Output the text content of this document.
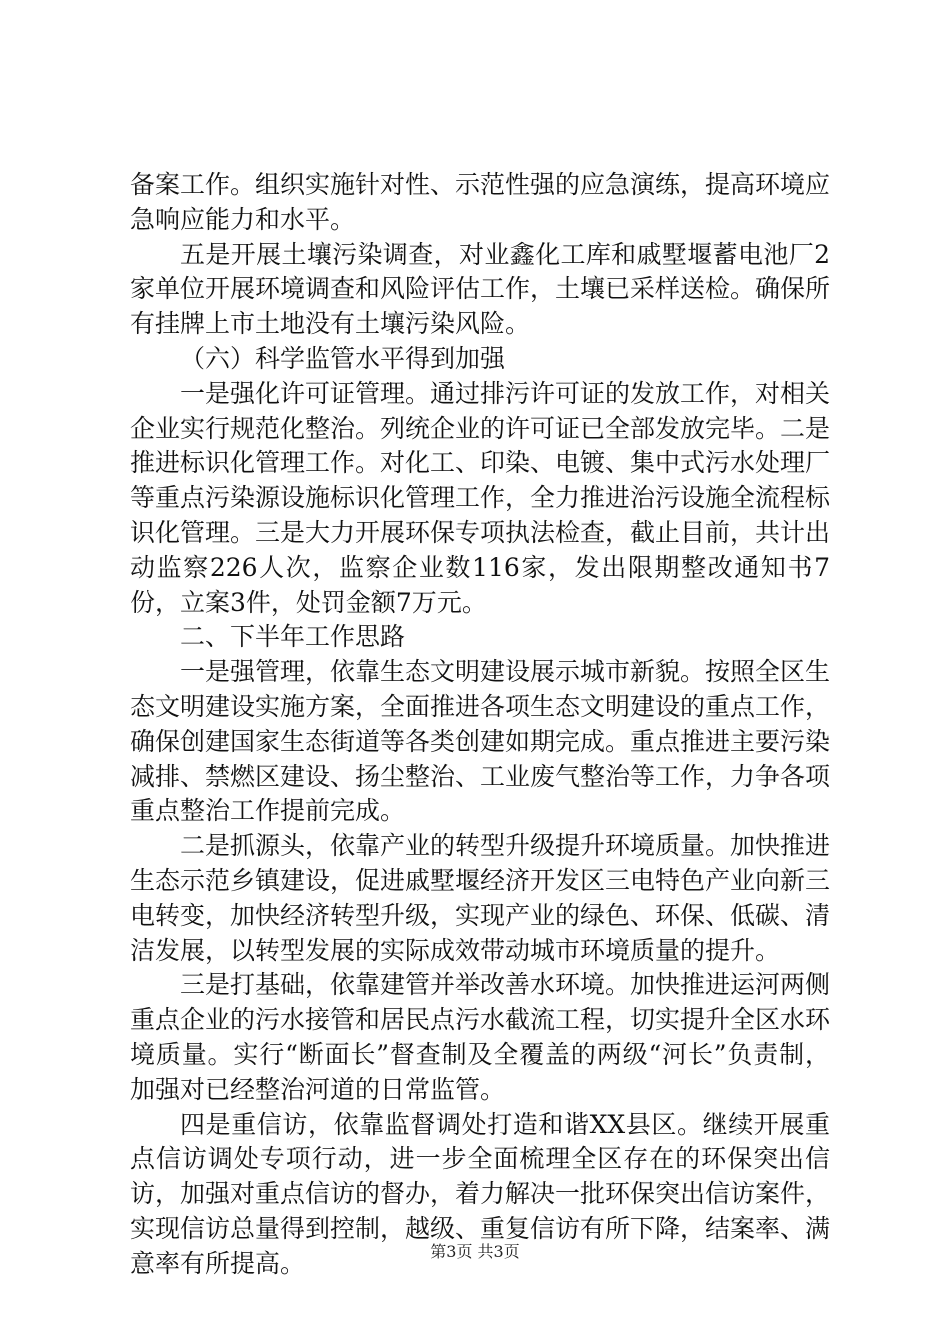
备案工作。组织实施针对性、示范性强的应急演练，提高环境应急响应能力和水平。

五是开展土壤污染调查，对业鑫化工库和戚墅堰蓄电池厂2家单位开展环境调查和风险评估工作，土壤已采样送检。确保所有挂牌上市土地没有土壤污染风险。

（六）科学监管水平得到加强

一是强化许可证管理。通过排污许可证的发放工作，对相关企业实行规范化整治。列统企业的许可证已全部发放完毕。二是推进标识化管理工作。对化工、印染、电镀、集中式污水处理厂等重点污染源设施标识化管理工作，全力推进治污设施全流程标识化管理。三是大力开展环保专项执法检查，截止目前，共计出动监察226人次，监察企业数116家，发出限期整改通知书7份，立案3件，处罚金额7万元。

二、下半年工作思路

一是强管理，依靠生态文明建设展示城市新貌。按照全区生态文明建设实施方案，全面推进各项生态文明建设的重点工作，确保创建国家生态街道等各类创建如期完成。重点推进主要污染减排、禁燃区建设、扬尘整治、工业废气整治等工作，力争各项重点整治工作提前完成。

二是抓源头，依靠产业的转型升级提升环境质量。加快推进生态示范乡镇建设，促进戚墅堰经济开发区三电特色产业向新三电转变，加快经济转型升级，实现产业的绿色、环保、低碳、清洁发展，以转型发展的实际成效带动城市环境质量的提升。

三是打基础，依靠建管并举改善水环境。加快推进运河两侧重点企业的污水接管和居民点污水截流工程，切实提升全区水环境质量。实行“断面长”督查制及全覆盖的两级“河长”负责制，加强对已经整治河道的日常监管。

四是重信访，依靠监督调处打造和谐XX县区。继续开展重点信访调处专项行动，进一步全面梳理全区存在的环保突出信访，加强对重点信访的督办，着力解决一批环保突出信访案件，实现信访总量得到控制，越级、重复信访有所下降，结案率、满意率有所提高。	第3页 共3页
